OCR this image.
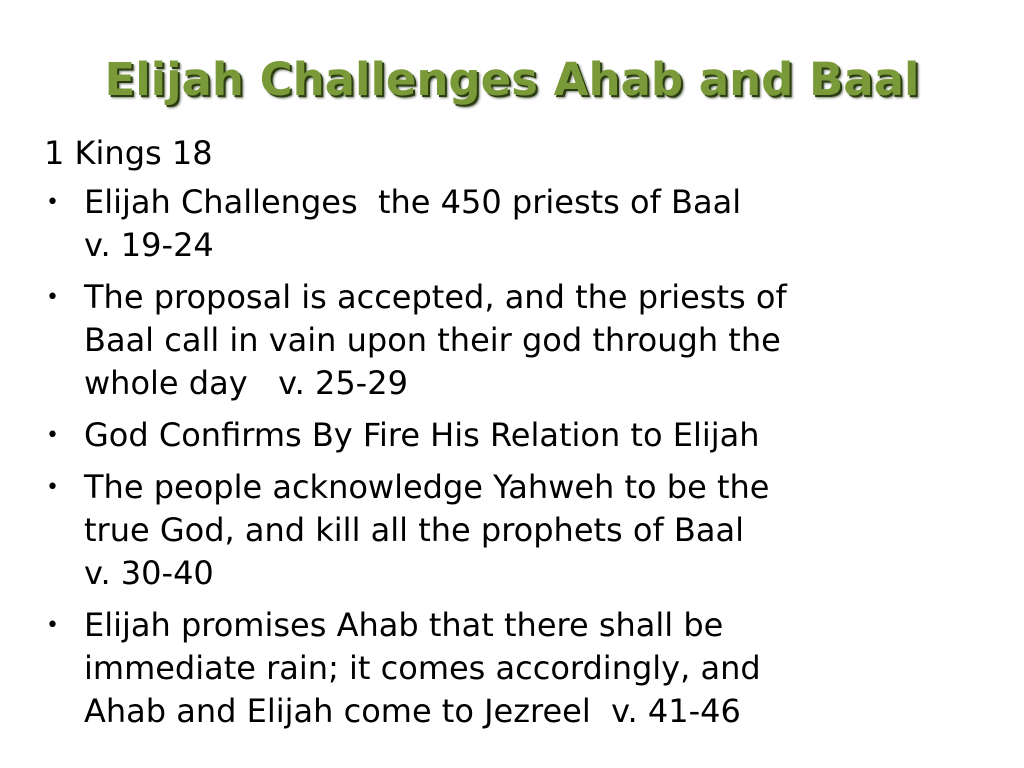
Elijah Challenges Ahab and Baal
1 Kings 18
• Elijah Challenges  the 450 priests of Baal
v. 19-24
• The proposal is accepted, and the priests of
Baal call in vain upon their god through the
whole day   v. 25-29
• God Confirms By Fire His Relation to Elijah
• The people acknowledge Yahweh to be the
true God, and kill all the prophets of Baal
v. 30-40
• Elijah promises Ahab that there shall be
immediate rain; it comes accordingly, and
Ahab and Elijah come to Jezreel  v. 41-46
